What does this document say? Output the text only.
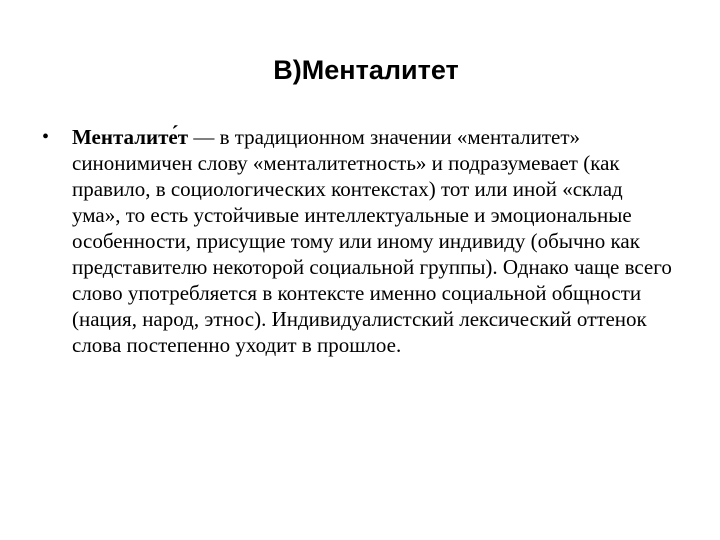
В)Менталитет
• Менталите́т — в традиционном значении «менталитет» синонимичен слову «менталитетность» и подразумевает (как правило, в социологических контекстах) тот или иной «склад ума», то есть устойчивые интеллектуальные и эмоциональные особенности, присущие тому или иному индивиду (обычно как представителю некоторой социальной группы). Однако чаще всего слово употребляется в контексте именно социальной общности (нация, народ, этнос). Индивидуалистский лексический оттенок слова постепенно уходит в прошлое.
